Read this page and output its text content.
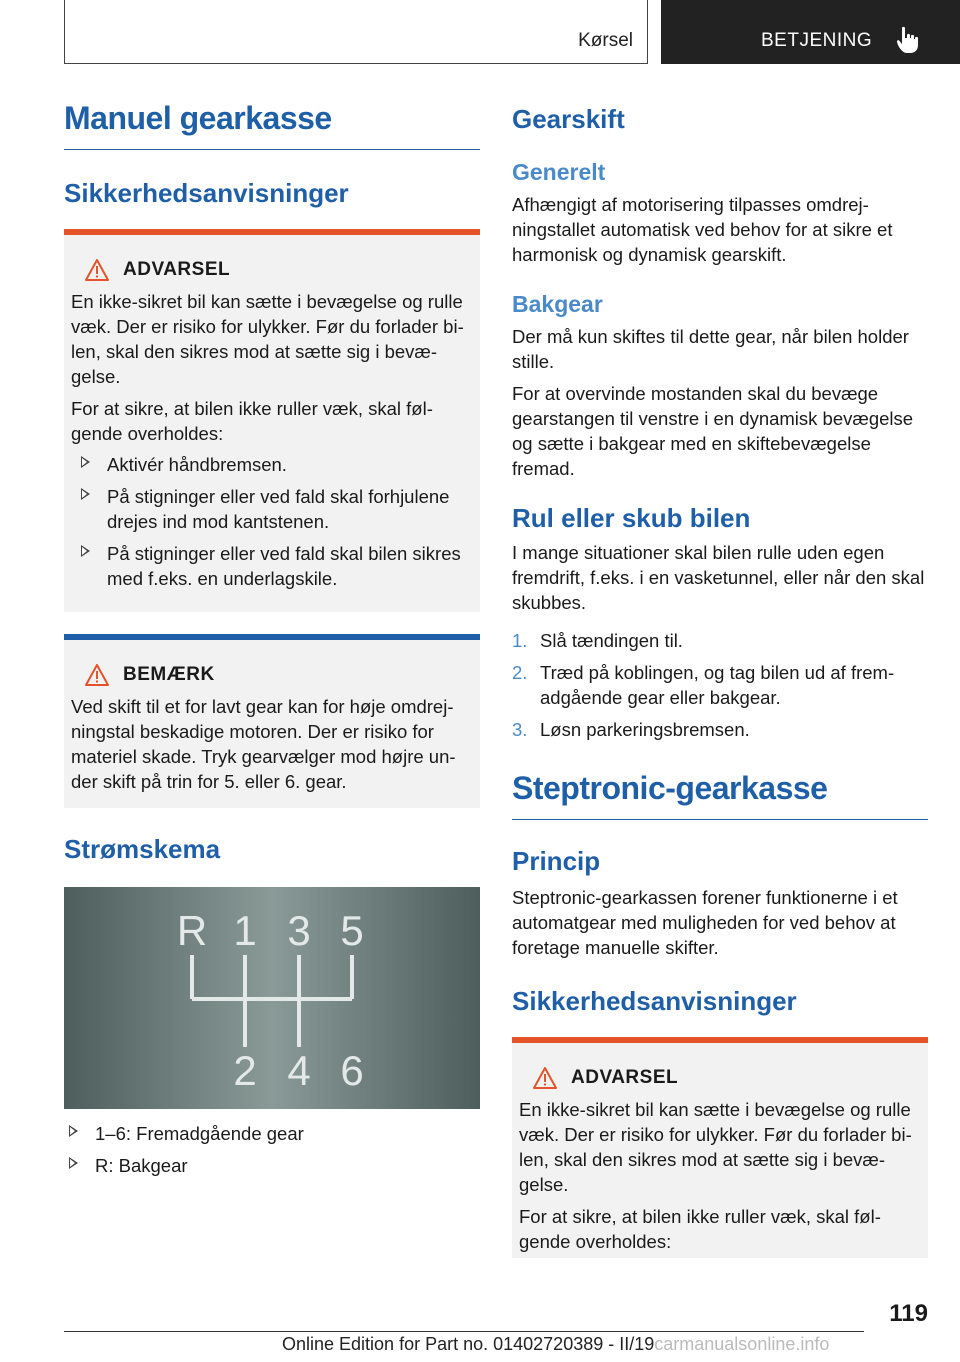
Kørsel	BETJENING
Manuel gearkasse
Sikkerhedsanvisninger
ADVARSEL

En ikke-sikret bil kan sætte i bevægelse og rulle væk. Der er risiko for ulykker. Før du forlader bilen, skal den sikres mod at sætte sig i bevægelse.

For at sikre, at bilen ikke ruller væk, skal følgende overholdes:

Aktivér håndbremsen.
På stigninger eller ved fald skal forhjulene drejes ind mod kantstenen.
På stigninger eller ved fald skal bilen sikres med f.eks. en underlagskile.
BEMÆRK

Ved skift til et for lavt gear kan for høje omdrejningstal beskadige motoren. Der er risiko for materiel skade. Tryk gearvælger mod højre under skift på trin for 5. eller 6. gear.

Strømskema
R 1 3 5
2 4 6
1–6: Fremadgående gear
R: Bakgear
Gearskift
Generelt

Afhængigt af motorisering tilpasses omdrejningstallet automatisk ved behov for at sikre et harmonisk og dynamisk gearskift.

Bakgear

Der må kun skiftes til dette gear, når bilen holder stille.

For at overvinde mostanden skal du bevæge gearstangen til venstre i en dynamisk bevægelse og sætte i bakgear med en skiftebevægelse fremad.

Rul eller skub bilen

I mange situationer skal bilen rulle uden egen fremdrift, f.eks. i en vasketunnel, eller når den skal skubbes.

1. Slå tændingen til.
2. Træd på koblingen, og tag bilen ud af fremadgående gear eller bakgear.
3. Løsn parkeringsbremsen.
Steptronic-gearkasse
Princip

Steptronic-gearkassen forener funktionerne i et automatgear med muligheden for ved behov at foretage manuelle skifter.

Sikkerhedsanvisninger
ADVARSEL

En ikke-sikret bil kan sætte i bevægelse og rulle væk. Der er risiko for ulykker. Før du forlader bilen, skal den sikres mod at sætte sig i bevægelse.

For at sikre, at bilen ikke ruller væk, skal følgende overholdes:

119
Online Edition for Part no. 01402720389 - II/19carmanualsonline.info
